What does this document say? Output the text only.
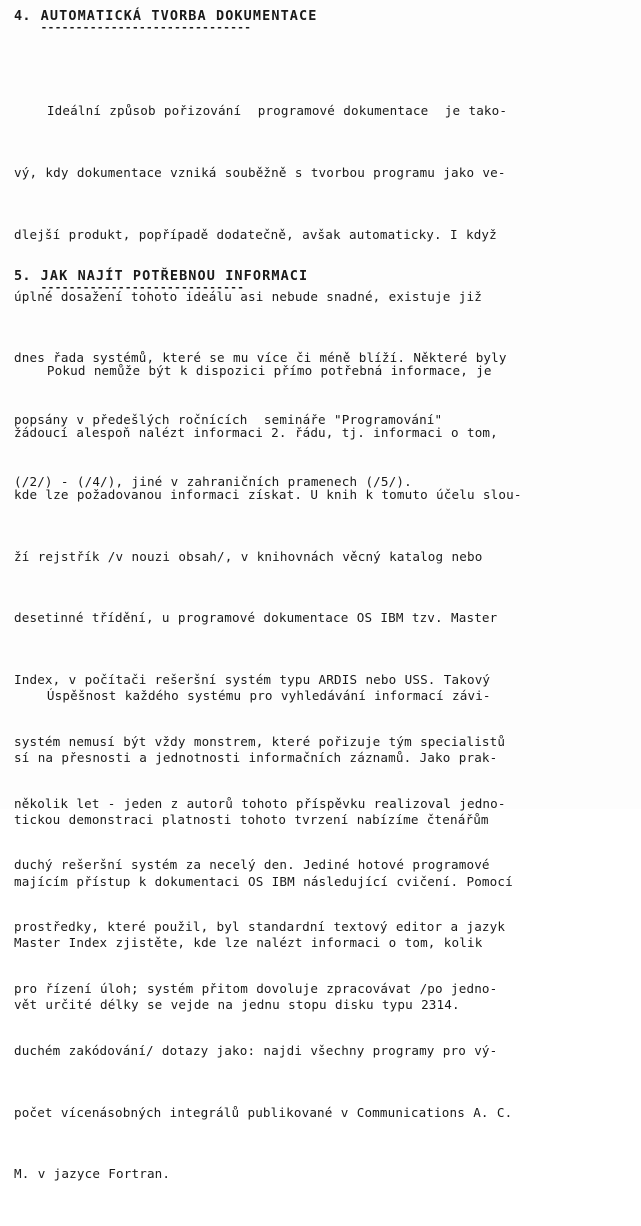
4. AUTOMATICKÁ TVORBA DOKUMENTACE

Ideální způsob pořizování  programové dokumentace  je tako-

vý, kdy dokumentace vzniká souběžně s tvorbou programu jako ve-

dlejší produkt, popřípadě dodatečně, avšak automaticky. I když

úplné dosažení tohoto ideálu asi nebude snadné, existuje již

dnes řada systémů, které se mu více či méně blíží. Některé byly

popsány v předešlých ročnících  semináře "Programování"

(/2/) - (/4/), jiné v zahraničních pramenech (/5/).

5. JAK NAJÍT POTŘEBNOU INFORMACI

Pokud nemůže být k dispozici přímo potřebná informace, je

žádoucí alespoň nalézt informaci 2. řádu, tj. informaci o tom,

kde lze požadovanou informaci získat. U knih k tomuto účelu slou-

ží rejstřík /v nouzi obsah/, v knihovnách věcný katalog nebo

desetinné třídění, u programové dokumentace OS IBM tzv. Master

Index, v počítači rešeršní systém typu ARDIS nebo USS. Takový

systém nemusí být vždy monstrem, které pořizuje tým specialistů

několik let - jeden z autorů tohoto příspěvku realizoval jedno-

duchý rešeršní systém za necelý den. Jediné hotové programové

prostředky, které použil, byl standardní textový editor a jazyk

pro řízení úloh; systém přitom dovoluje zpracovávat /po jedno-

duchém zakódování/ dotazy jako: najdi všechny programy pro vý-

počet vícenásobných integrálů publikované v Communications A. C.

M. v jazyce Fortran.

Úspěšnost každého systému pro vyhledávání informací závi-

sí na přesnosti a jednotnosti informačních záznamů. Jako prak-

tickou demonstraci platnosti tohoto tvrzení nabízíme čtenářům

majícím přístup k dokumentaci OS IBM následující cvičení. Pomocí

Master Index zjistěte, kde lze nalézt informaci o tom, kolik

vět určité délky se vejde na jednu stopu disku typu 2314.
